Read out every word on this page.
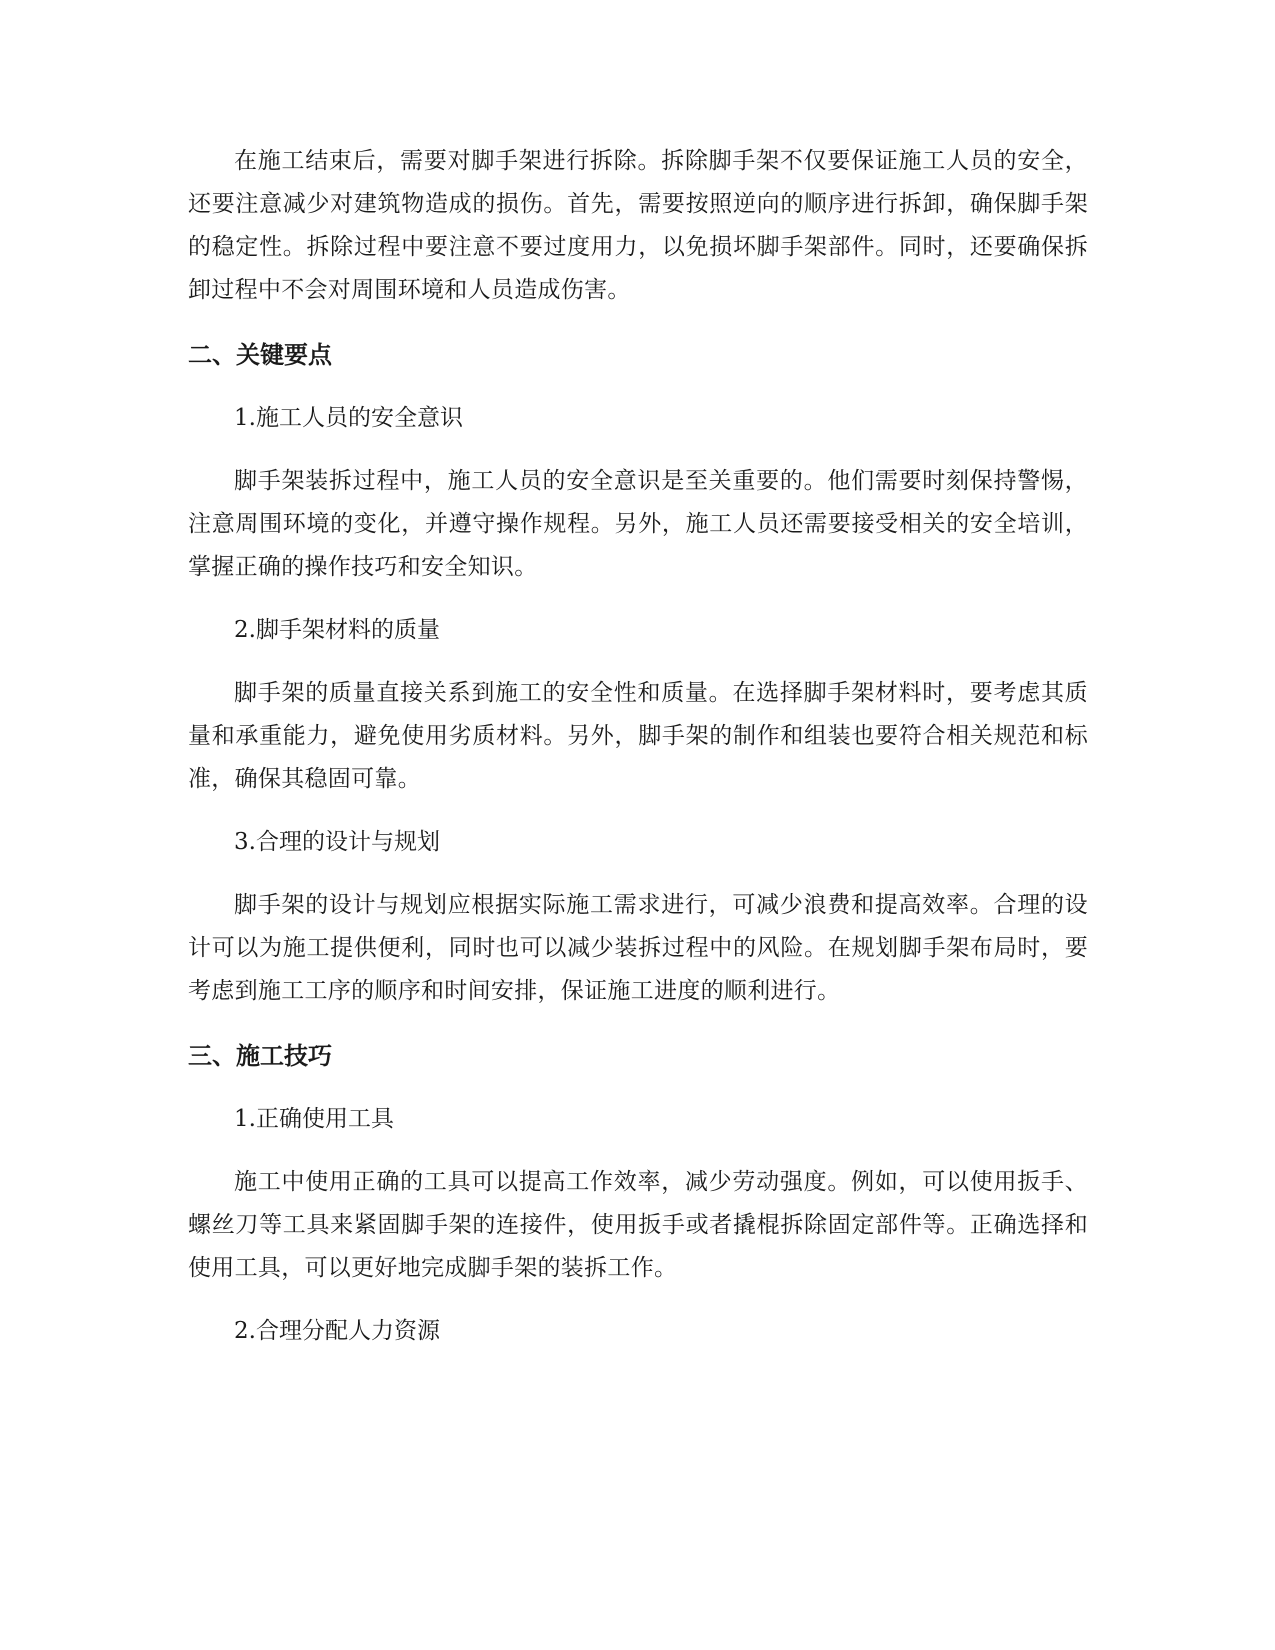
在施工结束后，需要对脚手架进行拆除。拆除脚手架不仅要保证施工人员的安全，还要注意减少对建筑物造成的损伤。首先，需要按照逆向的顺序进行拆卸，确保脚手架的稳定性。拆除过程中要注意不要过度用力，以免损坏脚手架部件。同时，还要确保拆卸过程中不会对周围环境和人员造成伤害。

二、关键要点

1.施工人员的安全意识

脚手架装拆过程中，施工人员的安全意识是至关重要的。他们需要时刻保持警惕，注意周围环境的变化，并遵守操作规程。另外，施工人员还需要接受相关的安全培训，掌握正确的操作技巧和安全知识。

2.脚手架材料的质量

脚手架的质量直接关系到施工的安全性和质量。在选择脚手架材料时，要考虑其质量和承重能力，避免使用劣质材料。另外，脚手架的制作和组装也要符合相关规范和标准，确保其稳固可靠。

3.合理的设计与规划

脚手架的设计与规划应根据实际施工需求进行，可减少浪费和提高效率。合理的设计可以为施工提供便利，同时也可以减少装拆过程中的风险。在规划脚手架布局时，要考虑到施工工序的顺序和时间安排，保证施工进度的顺利进行。

三、施工技巧

1.正确使用工具

施工中使用正确的工具可以提高工作效率，减少劳动强度。例如，可以使用扳手、螺丝刀等工具来紧固脚手架的连接件，使用扳手或者撬棍拆除固定部件等。正确选择和使用工具，可以更好地完成脚手架的装拆工作。

2.合理分配人力资源
